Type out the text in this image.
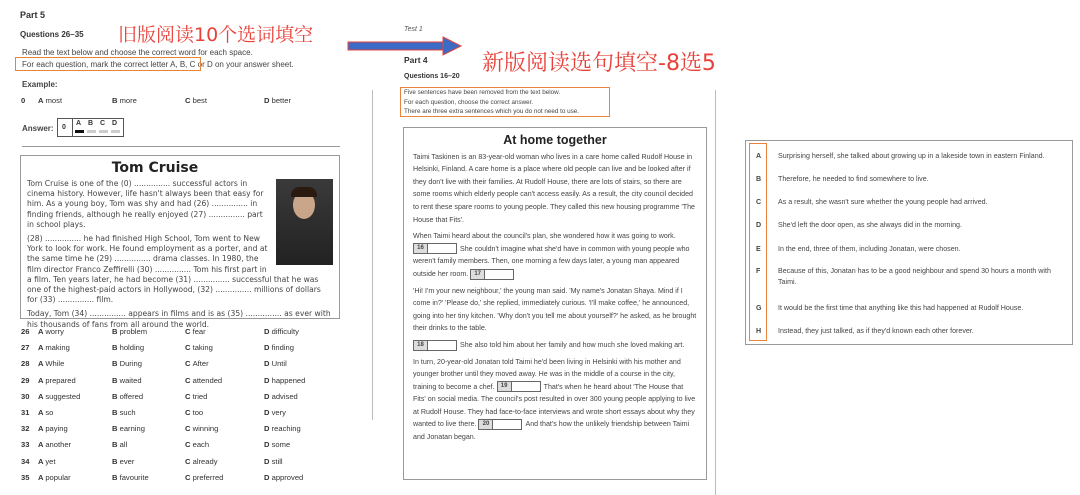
Part 5
Questions 26–35 旧版阅读10个选词填空
Read the text below and choose the correct word for each space.
For each question, mark the correct letter A, B, C or D on your answer sheet.
Example:
0 A most	B more	C best	D better
Answer: 0
A B C D
Tom Cruise

Tom Cruise is one of the (0) ............... successful actors in cinema history. However, life hasn't always been that easy for him. As a young boy, Tom was shy and had (26) ............... in finding friends, although he really enjoyed (27) ............... part in school plays.

(28) ............... he had finished High School, Tom went to New York to look for work. He found employment as a porter, and at the same time he (29) ............... drama classes. In 1980, the film director Franco Zeffirelli (30) ............... Tom his first part in a film. Ten years later, he had become (31) ............... successful that he was one of the highest-paid actors in Hollywood, (32) ............... millions of dollars for (33) ............... film.

Today, Tom (34) ............... appears in films and is as (35) ............... as ever with his thousands of fans from all around the world.

26 A worry	B problem	C fear	D difficulty
27 A making	B holding	C taking	D finding
28 A While	B During	C After	D Until
29 A prepared	B waited	C attended	D happened
30 A suggested	B offered	C tried	D advised
31 A so	B such	C too	D very
32 A paying	B earning	C winning	D reaching
33 A another	B all	C each	D some
34 A yet	B ever	C already	D still
35 A popular	B favourite	C preferred	D approved
Test 1
Part 4
Questions 16–20
新版阅读选句填空-8选5
Five sentences have been removed from the text below.
For each question, choose the correct answer.
There are three extra sentences which you do not need to use.
At home together

Taimi Taskinen is an 83-year-old woman who lives in a care home called Rudolf House in Helsinki, Finland. A care home is a place where old people can live and be looked after if they don't live with their families. At Rudolf House, there are lots of stairs, so there are some rooms which elderly people can't access easily. As a result, the city council decided to rent these spare rooms to young people. They called this new housing programme 'The House that Fits'.

When Taimi heard about the council's plan, she wondered how it was going to work.
16	She couldn't imagine what she'd have in common with young people who weren't family members. Then, one morning a few days later, a young man appeared outside her room. 17

'Hi! I'm your new neighbour,' the young man said. 'My name's Jonatan Shaya. Mind if I come in?' 'Please do,' she replied, immediately curious. 'I'll make coffee,' he announced, going into her tiny kitchen. 'Why don't you tell me about yourself?' he asked, as he brought their drinks to the table.

18	She also told him about her family and how much she loved making art.

In turn, 20-year-old Jonatan told Taimi he'd been living in Helsinki with his mother and younger brother until they moved away. He was in the middle of a course in the city, training to become a chef. 19	That's when he heard about 'The House that Fits' on social media. The council's post resulted in over 300 young people applying to live at Rudolf House. They had face-to-face interviews and wrote short essays about why they wanted to live there. 20	And that's how the unlikely friendship between Taimi and Jonatan began.

A Surprising herself, she talked about growing up in a lakeside town in eastern Finland.
B Therefore, he needed to find somewhere to live.
C As a result, she wasn't sure whether the young people had arrived.
D She'd left the door open, as she always did in the morning.
E In the end, three of them, including Jonatan, were chosen.
F Because of this, Jonatan has to be a good neighbour and spend 30 hours a month with Taimi.
G It would be the first time that anything like this had happened at Rudolf House.
H Instead, they just talked, as if they'd known each other forever.
